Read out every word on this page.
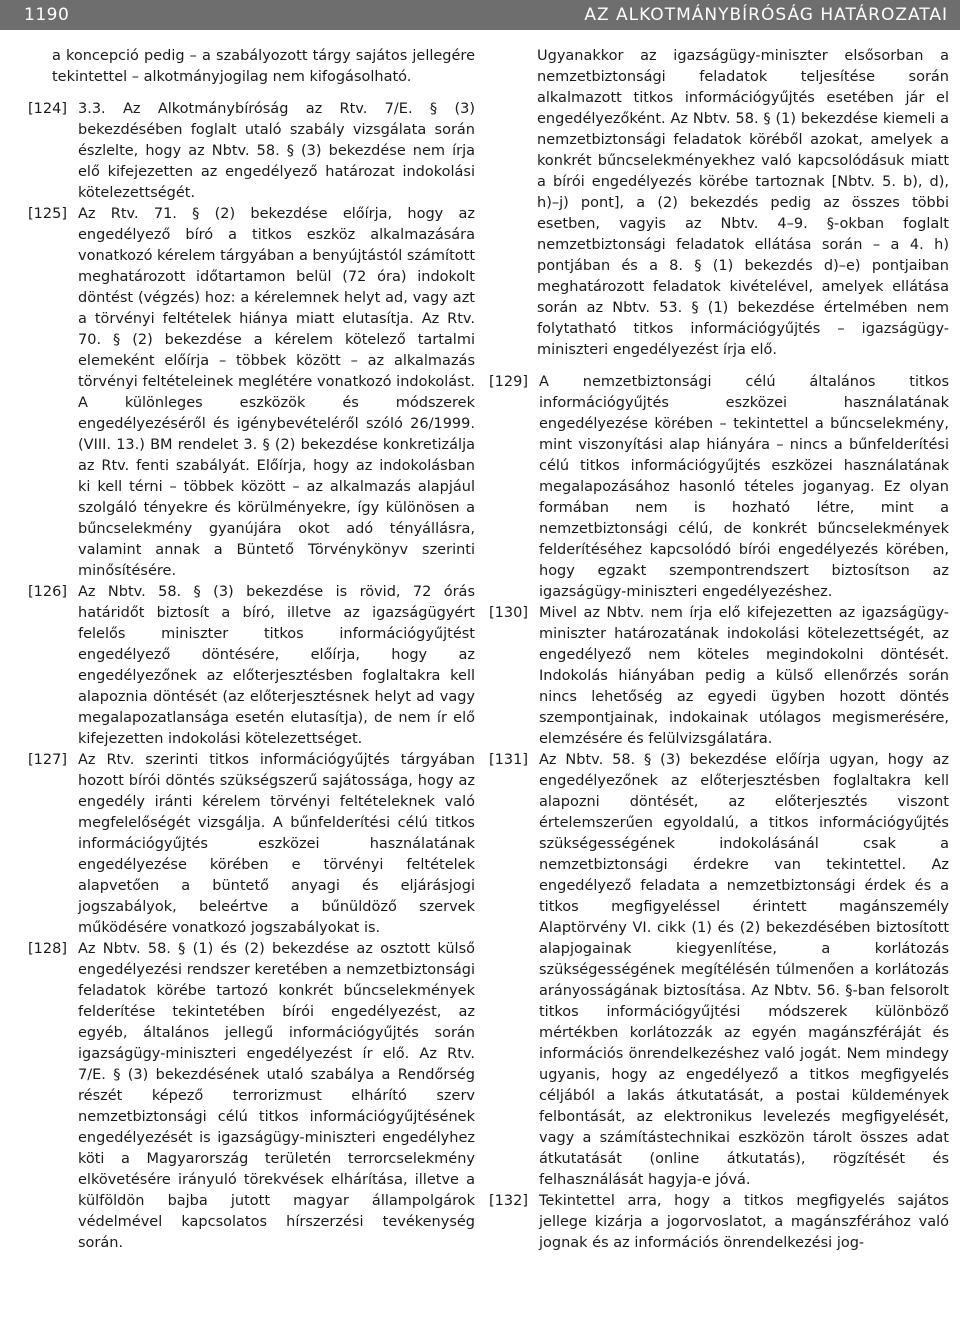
1190	AZ ALKOTMÁNYBÍRÓSÁG HATÁROZATAI

a koncepció pedig – a szabályozott tárgy sajátos jellegére tekintettel – alkotmányjogilag nem kifogásolható.

[124] 3.3. Az Alkotmánybíróság az Rtv. 7/E. § (3) bekezdésében foglalt utaló szabály vizsgálata során észlelte, hogy az Nbtv. 58. § (3) bekezdése nem írja elő kifejezetten az engedélyező határozat indokolási kötelezettségét.
[125] Az Rtv. 71. § (2) bekezdése előírja, hogy az engedélyező bíró a titkos eszköz alkalmazására vonatkozó kérelem tárgyában a benyújtástól számított meghatározott időtartamon belül (72 óra) indokolt döntést (végzés) hoz: a kérelemnek helyt ad, vagy azt a törvényi feltételek hiánya miatt elutasítja. Az Rtv. 70. § (2) bekezdése a kérelem kötelező tartalmi elemeként előírja – többek között – az alkalmazás törvényi feltételeinek meglétére vonatkozó indokolást. A különleges eszközök és módszerek engedélyezéséről és igénybevételéről szóló 26/1999. (VIII. 13.) BM rendelet 3. § (2) bekezdése konkretizálja az Rtv. fenti szabályát. Előírja, hogy az indokolásban ki kell térni – többek között – az alkalmazás alapjául szolgáló tényekre és körülményekre, így különösen a bűncselekmény gyanújára okot adó tényállásra, valamint annak a Büntető Törvénykönyv szerinti minősítésére.
[126] Az Nbtv. 58. § (3) bekezdése is rövid, 72 órás határidőt biztosít a bíró, illetve az igazságügyért felelős miniszter titkos információgyűjtést engedélyező döntésére, előírja, hogy az engedélyezőnek az előterjesztésben foglaltakra kell alapoznia döntését (az előterjesztésnek helyt ad vagy megalapozatlansága esetén elutasítja), de nem ír elő kifejezetten indokolási kötelezettséget.
[127] Az Rtv. szerinti titkos információgyűjtés tárgyában hozott bírói döntés szükségszerű sajátossága, hogy az engedély iránti kérelem törvényi feltételeknek való megfelelőségét vizsgálja. A bűnfelderítési célú titkos információgyűjtés eszközei használatának engedélyezése körében e törvényi feltételek alapvetően a büntető anyagi és eljárásjogi jogszabályok, beleértve a bűnüldöző szervek működésére vonatkozó jogszabályokat is.
[128] Az Nbtv. 58. § (1) és (2) bekezdése az osztott külső engedélyezési rendszer keretében a nemzetbiztonsági feladatok körébe tartozó konkrét bűncselekmények felderítése tekintetében bírói engedélyezést, az egyéb, általános jellegű információgyűjtés során igazságügy-miniszteri engedélyezést ír elő. Az Rtv. 7/E. § (3) bekezdésének utaló szabálya a Rendőrség részét képező terrorizmust elhárító szerv nemzetbiztonsági célú titkos információgyűjtésének engedélyezését is igazságügy-miniszteri engedélyhez köti a Magyarország területén terrorcselekmény elkövetésére irányuló törekvések elhárítása, illetve a külföldön bajba jutott magyar állampolgárok védelmével kapcsolatos hírszerzési tevékenység során.

Ugyanakkor az igazságügy-miniszter elsősorban a nemzetbiztonsági feladatok teljesítése során alkalmazott titkos információgyűjtés esetében jár el engedélyezőként. Az Nbtv. 58. § (1) bekezdése kiemeli a nemzetbiztonsági feladatok köréből azokat, amelyek a konkrét bűncselekményekhez való kapcsolódásuk miatt a bírói engedélyezés körébe tartoznak [Nbtv. 5. b), d), h)–j) pont], a (2) bekezdés pedig az összes többi esetben, vagyis az Nbtv. 4–9. §-okban foglalt nemzetbiztonsági feladatok ellátása során – a 4. h) pontjában és a 8. § (1) bekezdés d)–e) pontjaiban meghatározott feladatok kivételével, amelyek ellátása során az Nbtv. 53. § (1) bekezdése értelmében nem folytatható titkos információgyűjtés – igazságügy-miniszteri engedélyezést írja elő.

[129] A nemzetbiztonsági célú általános titkos információgyűjtés eszközei használatának engedélyezése körében – tekintettel a bűncselekmény, mint viszonyítási alap hiányára – nincs a bűnfelderítési célú titkos információgyűjtés eszközei használatának megalapozásához hasonló tételes joganyag. Ez olyan formában nem is hozható létre, mint a nemzetbiztonsági célú, de konkrét bűncselekmények felderítéséhez kapcsolódó bírói engedélyezés körében, hogy egzakt szempontrendszert biztosítson az igazságügy-miniszteri engedélyezéshez.
[130] Mivel az Nbtv. nem írja elő kifejezetten az igazságügy-miniszter határozatának indokolási kötelezettségét, az engedélyező nem köteles megindokolni döntését. Indokolás hiányában pedig a külső ellenőrzés során nincs lehetőség az egyedi ügyben hozott döntés szempontjainak, indokainak utólagos megismerésére, elemzésére és felülvizsgálatára.
[131] Az Nbtv. 58. § (3) bekezdése előírja ugyan, hogy az engedélyezőnek az előterjesztésben foglaltakra kell alapozni döntését, az előterjesztés viszont értelemszerűen egyoldalú, a titkos információgyűjtés szükségességének indokolásánál csak a nemzetbiztonsági érdekre van tekintettel. Az engedélyező feladata a nemzetbiztonsági érdek és a titkos megfigyeléssel érintett magánszemély Alaptörvény VI. cikk (1) és (2) bekezdésében biztosított alapjogainak kiegyenlítése, a korlátozás szükségességének megítélésén túlmenően a korlátozás arányosságának biztosítása. Az Nbtv. 56. §-ban felsorolt titkos információgyűjtési módszerek különböző mértékben korlátozzák az egyén magánszféráját és információs önrendelkezéshez való jogát. Nem mindegy ugyanis, hogy az engedélyező a titkos megfigyelés céljából a lakás átkutatását, a postai küldemények felbontását, az elektronikus levelezés megfigyelését, vagy a számítástechnikai eszközön tárolt összes adat átkutatását (online átkutatás), rögzítését és felhasználását hagyja-e jóvá.
[132] Tekintettel arra, hogy a titkos megfigyelés sajátos jellege kizárja a jogorvoslatot, a magánszférához való jognak és az információs önrendelkezési jog-
